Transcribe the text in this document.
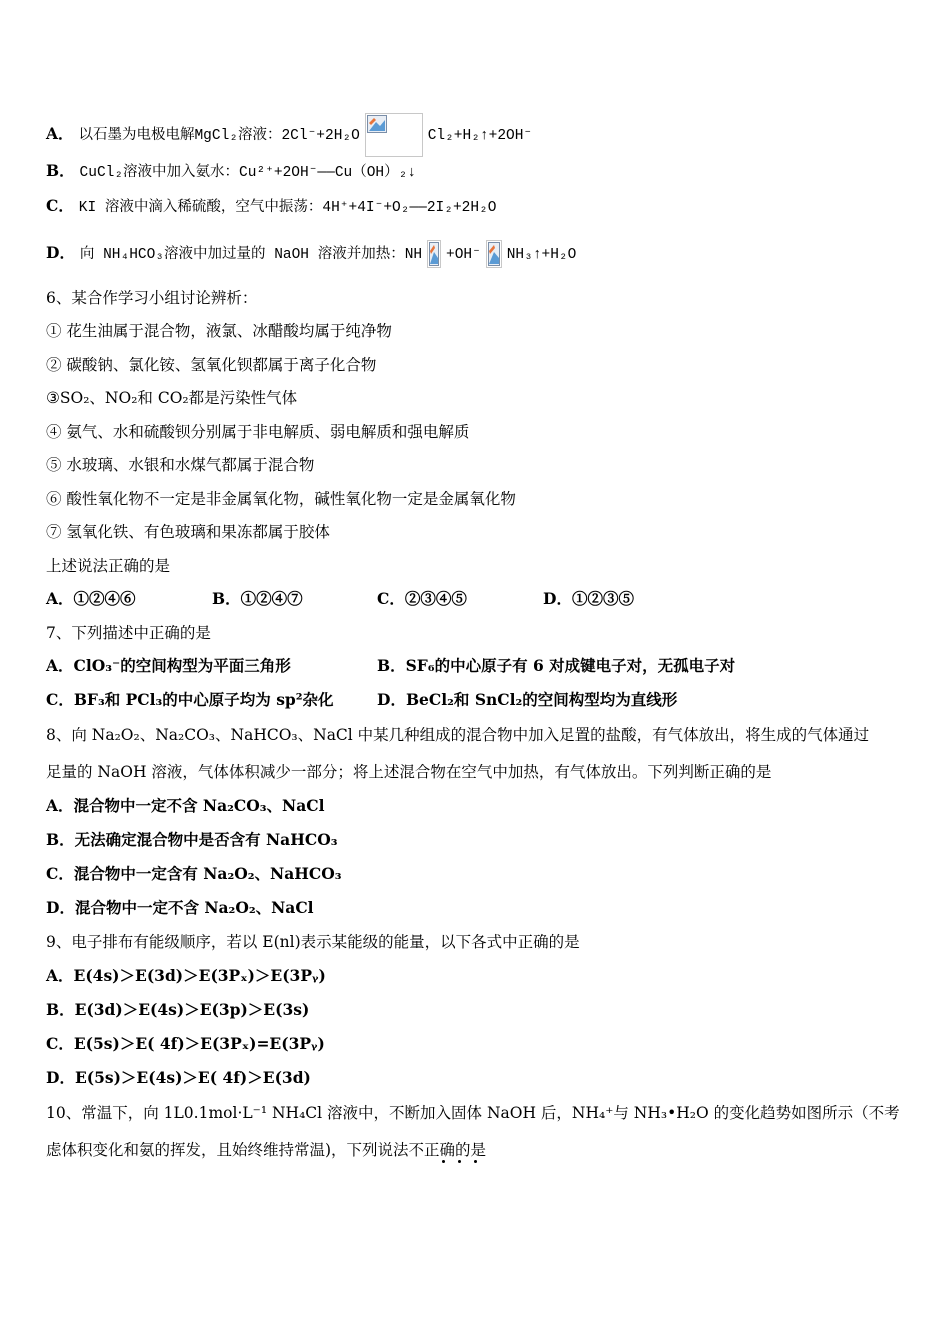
A． 以石墨为电极电解MgCl₂溶液：2Cl⁻+2H₂O	Cl₂+H₂↑+2OH⁻
B． CuCl₂溶液中加入氨水：Cu²⁺+2OH⁻——Cu（OH）₂↓
C． KI 溶液中滴入稀硫酸，空气中振荡：4H⁺+4I⁻+O₂——2I₂+2H₂O
D． 向 NH₄HCO₃溶液中加过量的 NaOH 溶液并加热：NH +OH⁻ NH₃↑+H₂O
6、某合作学习小组讨论辨析：
① 花生油属于混合物，液氯、冰醋酸均属于纯净物
② 碳酸钠、氯化铵、氢氧化钡都属于离子化合物
③SO₂、NO₂和 CO₂都是污染性气体
④ 氨气、水和硫酸钡分别属于非电解质、弱电解质和强电解质
⑤ 水玻璃、水银和水煤气都属于混合物
⑥ 酸性氧化物不一定是非金属氧化物，碱性氧化物一定是金属氧化物
⑦ 氢氧化铁、有色玻璃和果冻都属于胶体
上述说法正确的是
A．①②④⑥	B．①②④⑦	C．②③④⑤	D．①②③⑤
7、下列描述中正确的是
A．ClO₃⁻的空间构型为平面三角形	B．SF₆的中心原子有 6 对成键电子对，无孤电子对
C．BF₃和 PCl₃的中心原子均为 sp²杂化	D．BeCl₂和 SnCl₂的空间构型均为直线形
8、向 Na₂O₂、Na₂CO₃、NaHCO₃、NaCl 中某几种组成的混合物中加入足置的盐酸，有气体放出，将生成的气体通过
足量的 NaOH 溶液，气体体积减少一部分；将上述混合物在空气中加热，有气体放出。下列判断正确的是
A．混合物中一定不含 Na₂CO₃、NaCl
B．无法确定混合物中是否含有 NaHCO₃
C．混合物中一定含有 Na₂O₂、NaHCO₃
D．混合物中一定不含 Na₂O₂、NaCl
9、电子排布有能级顺序，若以 E(nl)表示某能级的能量，以下各式中正确的是
A．E(4s)＞E(3d)＞E(3Pₓ)＞E(3Pᵧ)
B．E(3d)＞E(4s)＞E(3p)＞E(3s)
C．E(5s)＞E( 4f)＞E(3Pₓ)=E(3Pᵧ)
D．E(5s)＞E(4s)＞E( 4f)＞E(3d)
10、常温下，向 1L0.1mol·L⁻¹ NH₄Cl 溶液中，不断加入固体 NaOH 后，NH₄⁺与 NH₃•H₂O 的变化趋势如图所示（不考
虑体积变化和氨的挥发，且始终维持常温)，下列说法不正确的是
